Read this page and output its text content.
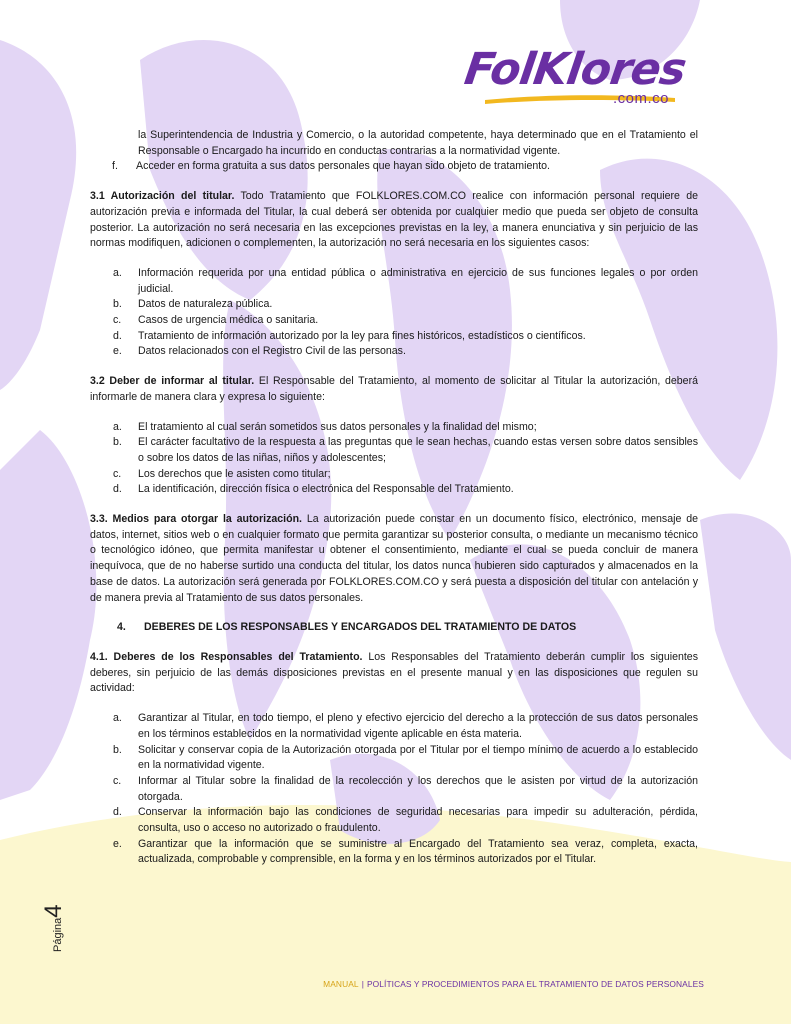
FolKlores
.com.co

la Superintendencia de Industria y Comercio, o la autoridad competente, haya determinado que en el Tratamiento el Responsable o Encargado ha incurrido en conductas contrarias a la normatividad vigente.

f. Acceder en forma gratuita a sus datos personales que hayan sido objeto de tratamiento.

3.1 Autorización del titular. Todo Tratamiento que FOLKLORES.COM.CO realice con información personal requiere de autorización previa e informada del Titular, la cual deberá ser obtenida por cualquier medio que pueda ser objeto de consulta posterior. La autorización no será necesaria en las excepciones previstas en la ley, a manera enunciativa y sin perjuicio de las normas modifiquen, adicionen o complementen, la autorización no será necesaria en los siguientes casos:

a. Información requerida por una entidad pública o administrativa en ejercicio de sus funciones legales o por orden judicial.
b. Datos de naturaleza pública.
c. Casos de urgencia médica o sanitaria.
d. Tratamiento de información autorizado por la ley para fines históricos, estadísticos o científicos.
e. Datos relacionados con el Registro Civil de las personas.

3.2 Deber de informar al titular. El Responsable del Tratamiento, al momento de solicitar al Titular la autorización, deberá informarle de manera clara y expresa lo siguiente:

a. El tratamiento al cual serán sometidos sus datos personales y la finalidad del mismo;
b. El carácter facultativo de la respuesta a las preguntas que le sean hechas, cuando estas versen sobre datos sensibles o sobre los datos de las niñas, niños y adolescentes;
c. Los derechos que le asisten como titular;
d. La identificación, dirección física o electrónica del Responsable del Tratamiento.

3.3. Medios para otorgar la autorización. La autorización puede constar en un documento físico, electrónico, mensaje de datos, internet, sitios web o en cualquier formato que permita garantizar su posterior consulta, o mediante un mecanismo técnico o tecnológico idóneo, que permita manifestar u obtener el consentimiento, mediante el cual se pueda concluir de manera inequívoca, que de no haberse surtido una conducta del titular, los datos nunca hubieren sido capturados y almacenados en la base de datos. La autorización será generada por FOLKLORES.COM.CO y será puesta a disposición del titular con antelación y de manera previa al Tratamiento de sus datos personales.

4. DEBERES DE LOS RESPONSABLES Y ENCARGADOS DEL TRATAMIENTO DE DATOS

4.1. Deberes de los Responsables del Tratamiento. Los Responsables del Tratamiento deberán cumplir los siguientes deberes, sin perjuicio de las demás disposiciones previstas en el presente manual y en las disposiciones que regulen su actividad:

a. Garantizar al Titular, en todo tiempo, el pleno y efectivo ejercicio del derecho a la protección de sus datos personales en los términos establecidos en la normatividad vigente aplicable en ésta materia.
b. Solicitar y conservar copia de la Autorización otorgada por el Titular por el tiempo mínimo de acuerdo a lo establecido en la normatividad vigente.
c. Informar al Titular sobre la finalidad de la recolección y los derechos que le asisten por virtud de la autorización otorgada.
d. Conservar la información bajo las condiciones de seguridad necesarias para impedir su adulteración, pérdida, consulta, uso o acceso no autorizado o fraudulento.
e. Garantizar que la información que se suministre al Encargado del Tratamiento sea veraz, completa, exacta, actualizada, comprobable y comprensible, en la forma y en los términos autorizados por el Titular.
Página4
MANUAL | POLÍTICAS Y PROCEDIMIENTOS PARA EL TRATAMIENTO DE DATOS PERSONALES
